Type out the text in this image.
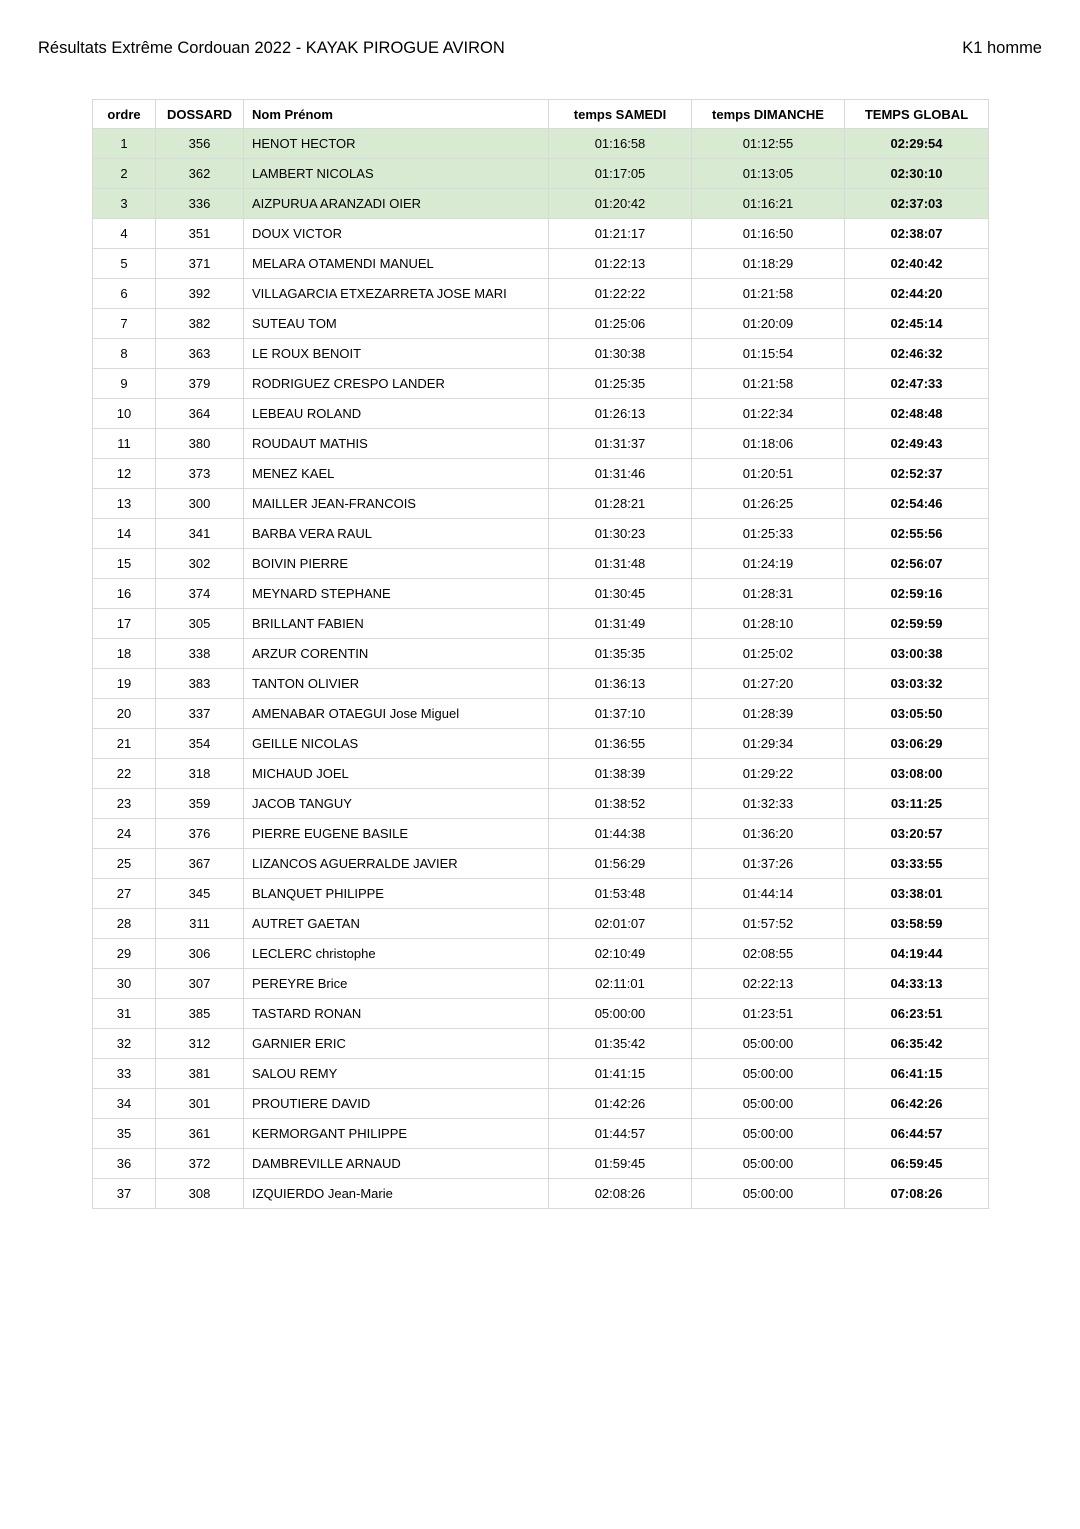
Résultats Extrême Cordouan 2022 - KAYAK PIROGUE AVIRON	K1 homme
ordre	DOSSARD	Nom Prénom	temps SAMEDI	temps DIMANCHE	TEMPS GLOBAL
1	356	HENOT HECTOR	01:16:58	01:12:55	02:29:54
2	362	LAMBERT NICOLAS	01:17:05	01:13:05	02:30:10
3	336	AIZPURUA ARANZADI OIER	01:20:42	01:16:21	02:37:03
4	351	DOUX VICTOR	01:21:17	01:16:50	02:38:07
5	371	MELARA OTAMENDI MANUEL	01:22:13	01:18:29	02:40:42
6	392	VILLAGARCIA ETXEZARRETA JOSE MARI	01:22:22	01:21:58	02:44:20
7	382	SUTEAU TOM	01:25:06	01:20:09	02:45:14
8	363	LE ROUX BENOIT	01:30:38	01:15:54	02:46:32
9	379	RODRIGUEZ CRESPO LANDER	01:25:35	01:21:58	02:47:33
10	364	LEBEAU ROLAND	01:26:13	01:22:34	02:48:48
11	380	ROUDAUT MATHIS	01:31:37	01:18:06	02:49:43
12	373	MENEZ KAEL	01:31:46	01:20:51	02:52:37
13	300	MAILLER JEAN-FRANCOIS	01:28:21	01:26:25	02:54:46
14	341	BARBA VERA RAUL	01:30:23	01:25:33	02:55:56
15	302	BOIVIN PIERRE	01:31:48	01:24:19	02:56:07
16	374	MEYNARD STEPHANE	01:30:45	01:28:31	02:59:16
17	305	BRILLANT FABIEN	01:31:49	01:28:10	02:59:59
18	338	ARZUR CORENTIN	01:35:35	01:25:02	03:00:38
19	383	TANTON OLIVIER	01:36:13	01:27:20	03:03:32
20	337	AMENABAR OTAEGUI Jose Miguel	01:37:10	01:28:39	03:05:50
21	354	GEILLE NICOLAS	01:36:55	01:29:34	03:06:29
22	318	MICHAUD JOEL	01:38:39	01:29:22	03:08:00
23	359	JACOB TANGUY	01:38:52	01:32:33	03:11:25
24	376	PIERRE EUGENE BASILE	01:44:38	01:36:20	03:20:57
25	367	LIZANCOS AGUERRALDE JAVIER	01:56:29	01:37:26	03:33:55
27	345	BLANQUET PHILIPPE	01:53:48	01:44:14	03:38:01
28	311	AUTRET GAETAN	02:01:07	01:57:52	03:58:59
29	306	LECLERC christophe	02:10:49	02:08:55	04:19:44
30	307	PEREYRE Brice	02:11:01	02:22:13	04:33:13
31	385	TASTARD RONAN	05:00:00	01:23:51	06:23:51
32	312	GARNIER ERIC	01:35:42	05:00:00	06:35:42
33	381	SALOU REMY	01:41:15	05:00:00	06:41:15
34	301	PROUTIERE DAVID	01:42:26	05:00:00	06:42:26
35	361	KERMORGANT PHILIPPE	01:44:57	05:00:00	06:44:57
36	372	DAMBREVILLE ARNAUD	01:59:45	05:00:00	06:59:45
37	308	IZQUIERDO Jean-Marie	02:08:26	05:00:00	07:08:26
